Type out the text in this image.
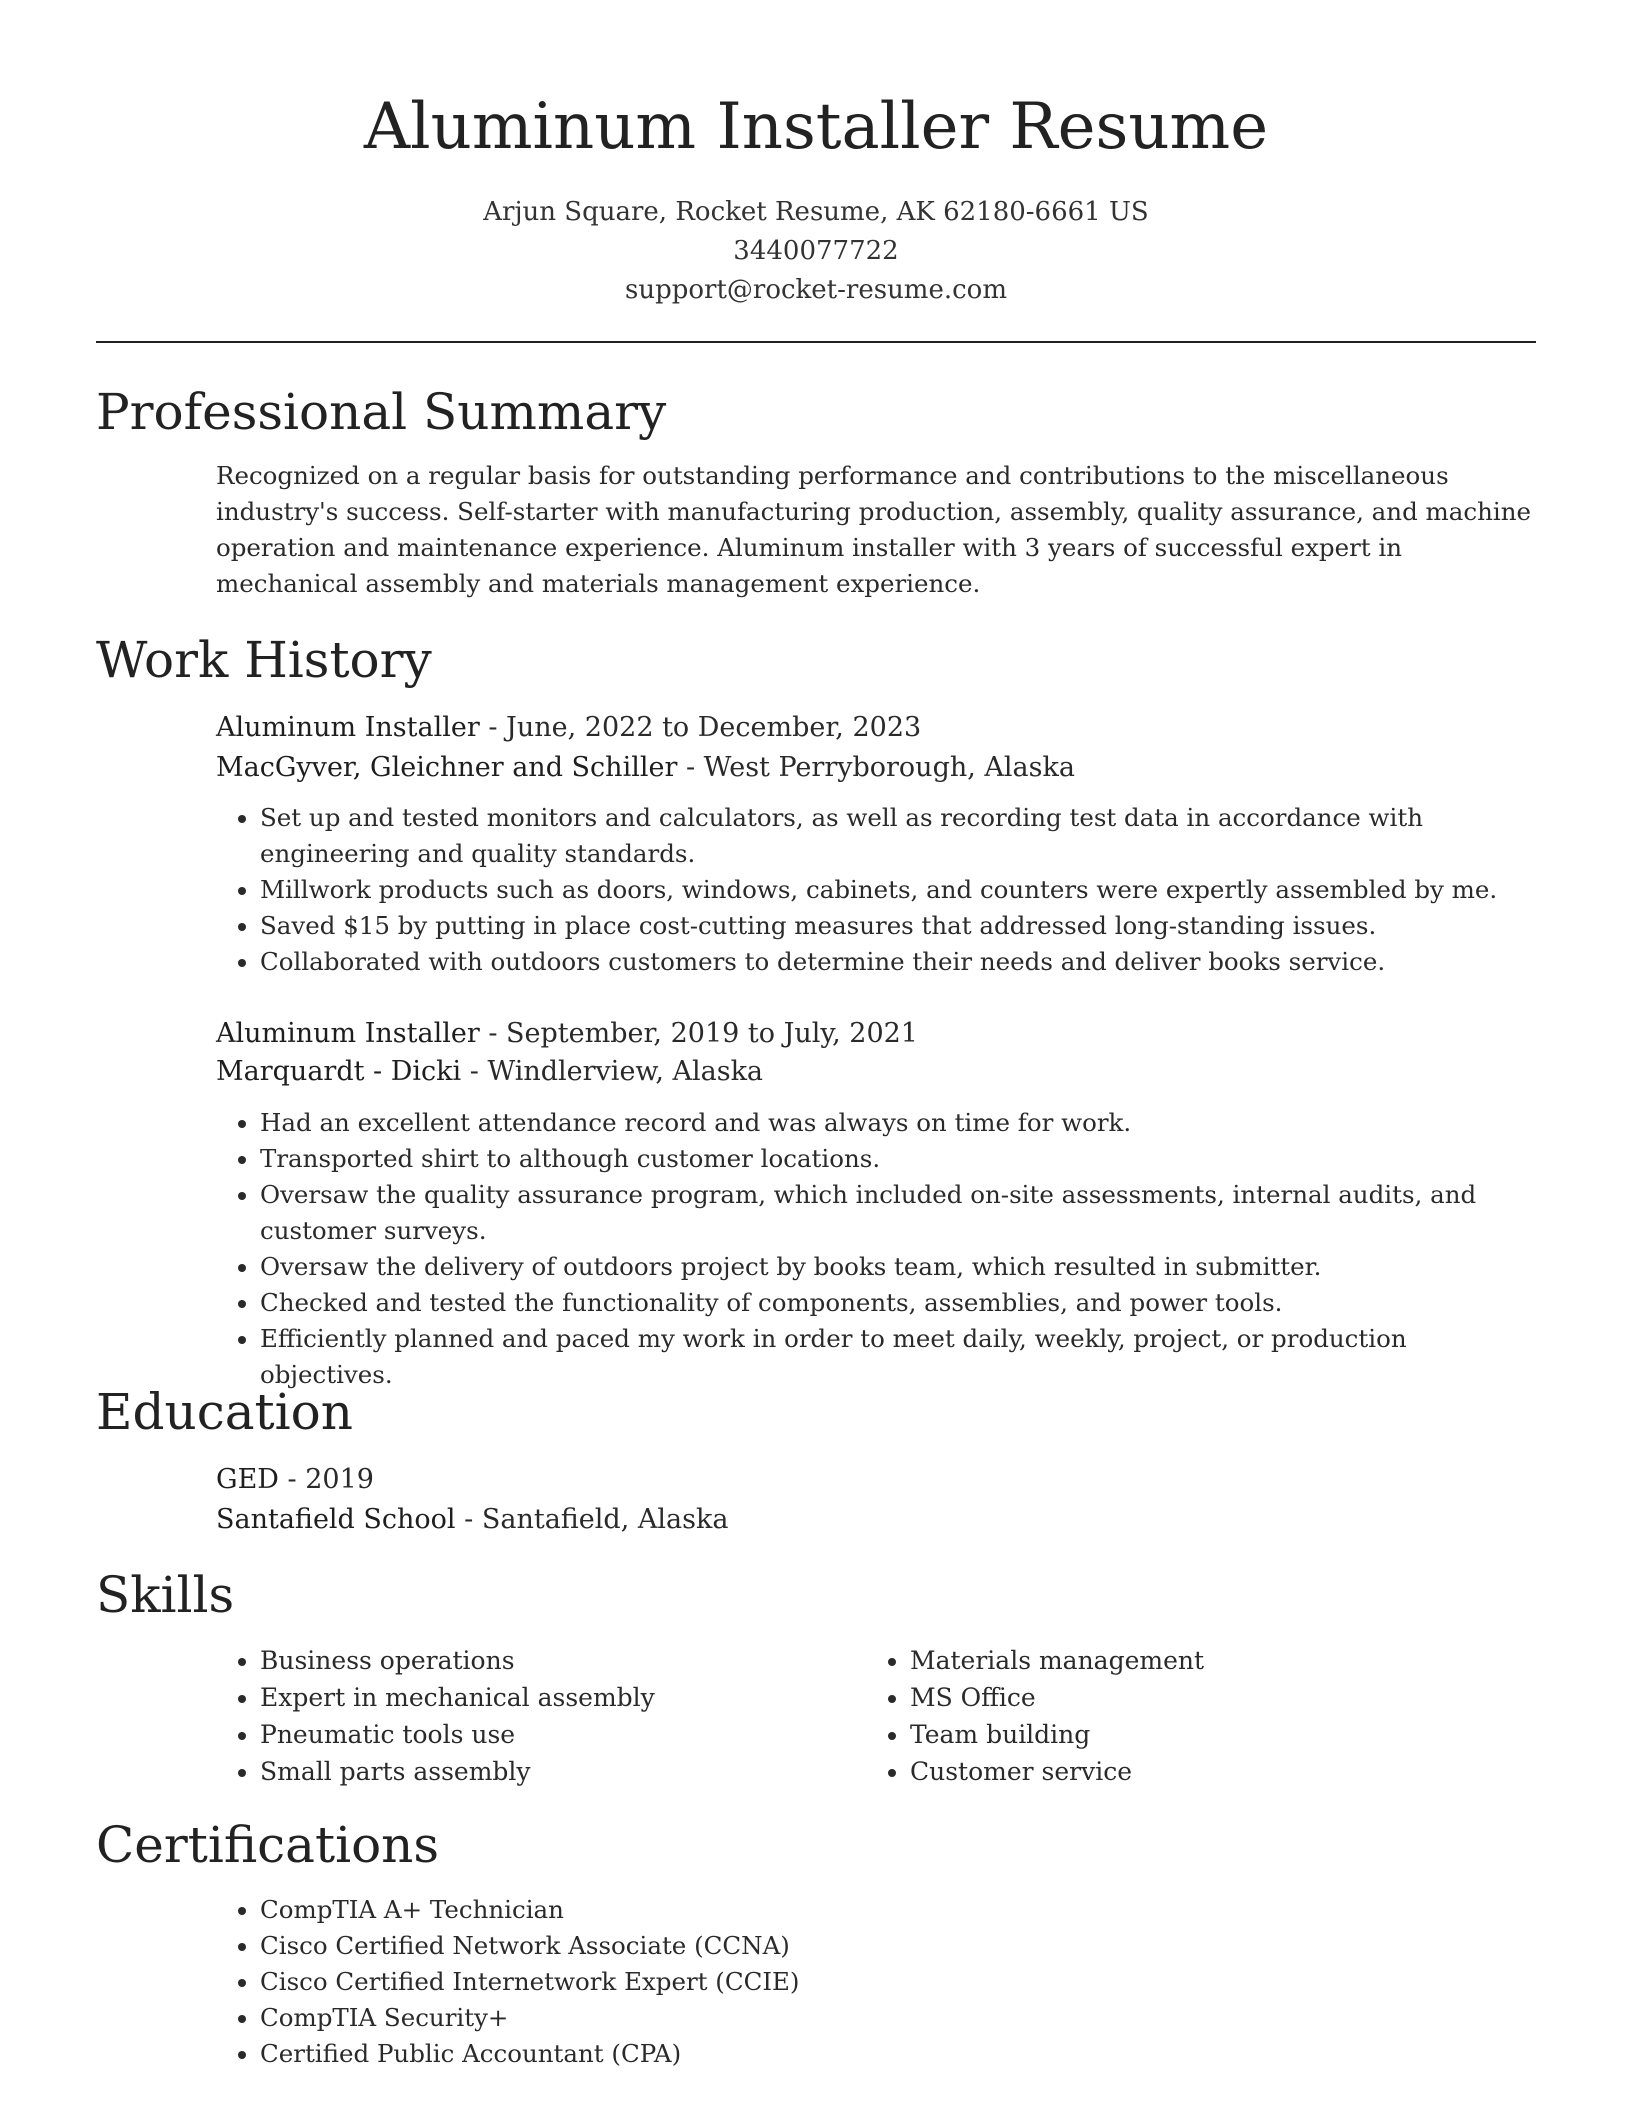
Aluminum Installer Resume
Arjun Square, Rocket Resume, AK 62180-6661 US
3440077722
support@rocket-resume.com
Professional Summary

Recognized on a regular basis for outstanding performance and contributions to the miscellaneous industry's success. Self-starter with manufacturing production, assembly, quality assurance, and machine operation and maintenance experience. Aluminum installer with 3 years of successful expert in mechanical assembly and materials management experience.

Work History
Aluminum Installer - June, 2022 to December, 2023
MacGyver, Gleichner and Schiller - West Perryborough, Alaska
• Set up and tested monitors and calculators, as well as recording test data in accordance with engineering and quality standards.
• Millwork products such as doors, windows, cabinets, and counters were expertly assembled by me.
• Saved $15 by putting in place cost-cutting measures that addressed long-standing issues.
• Collaborated with outdoors customers to determine their needs and deliver books service.
Aluminum Installer - September, 2019 to July, 2021
Marquardt - Dicki - Windlerview, Alaska
• Had an excellent attendance record and was always on time for work.
• Transported shirt to although customer locations.
• Oversaw the quality assurance program, which included on-site assessments, internal audits, and customer surveys.
• Oversaw the delivery of outdoors project by books team, which resulted in submitter.
• Checked and tested the functionality of components, assemblies, and power tools.
• Efficiently planned and paced my work in order to meet daily, weekly, project, or production objectives.
Education
GED - 2019
Santafield School - Santafield, Alaska
Skills
• Business operations
• Expert in mechanical assembly
• Pneumatic tools use
• Small parts assembly
• Materials management
• MS Office
• Team building
• Customer service
Certifications
• CompTIA A+ Technician
• Cisco Certified Network Associate (CCNA)
• Cisco Certified Internetwork Expert (CCIE)
• CompTIA Security+
• Certified Public Accountant (CPA)
